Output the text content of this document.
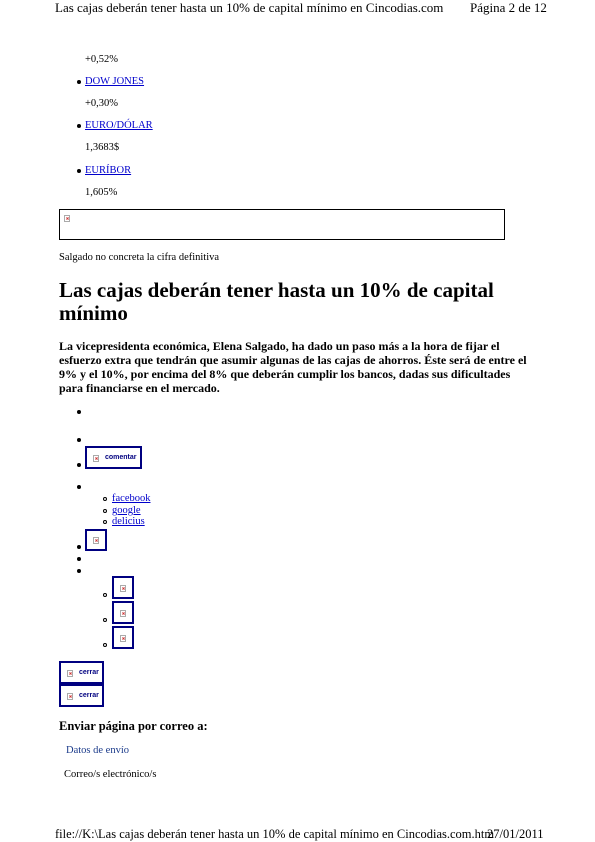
Las cajas deberán tener hasta un 10% de capital mínimo en Cincodias.com Página 2 de 12
+0,52%
DOW JONES
+0,30%
EURO/DÓLAR
1,3683$
EURÍBOR
1,605%
Salgado no concreta la cifra definitiva
Las cajas deberán tener hasta un 10% de capital mínimo
La vicepresidenta económica, Elena Salgado, ha dado un paso más a la hora de fijar el esfuerzo extra que tendrán que asumir algunas de las cajas de ahorros. Éste será de entre el 9% y el 10%, por encima del 8% que deberán cumplir los bancos, dadas sus dificultades para financiarse en el mercado.
comentar
facebook
google
delicius
cerrar
cerrar
Enviar página por correo a:
Datos de envío
Correo/s electrónico/s
file://K:\Las cajas deberán tener hasta un 10% de capital mínimo en Cincodias.com.htm
27/01/2011
